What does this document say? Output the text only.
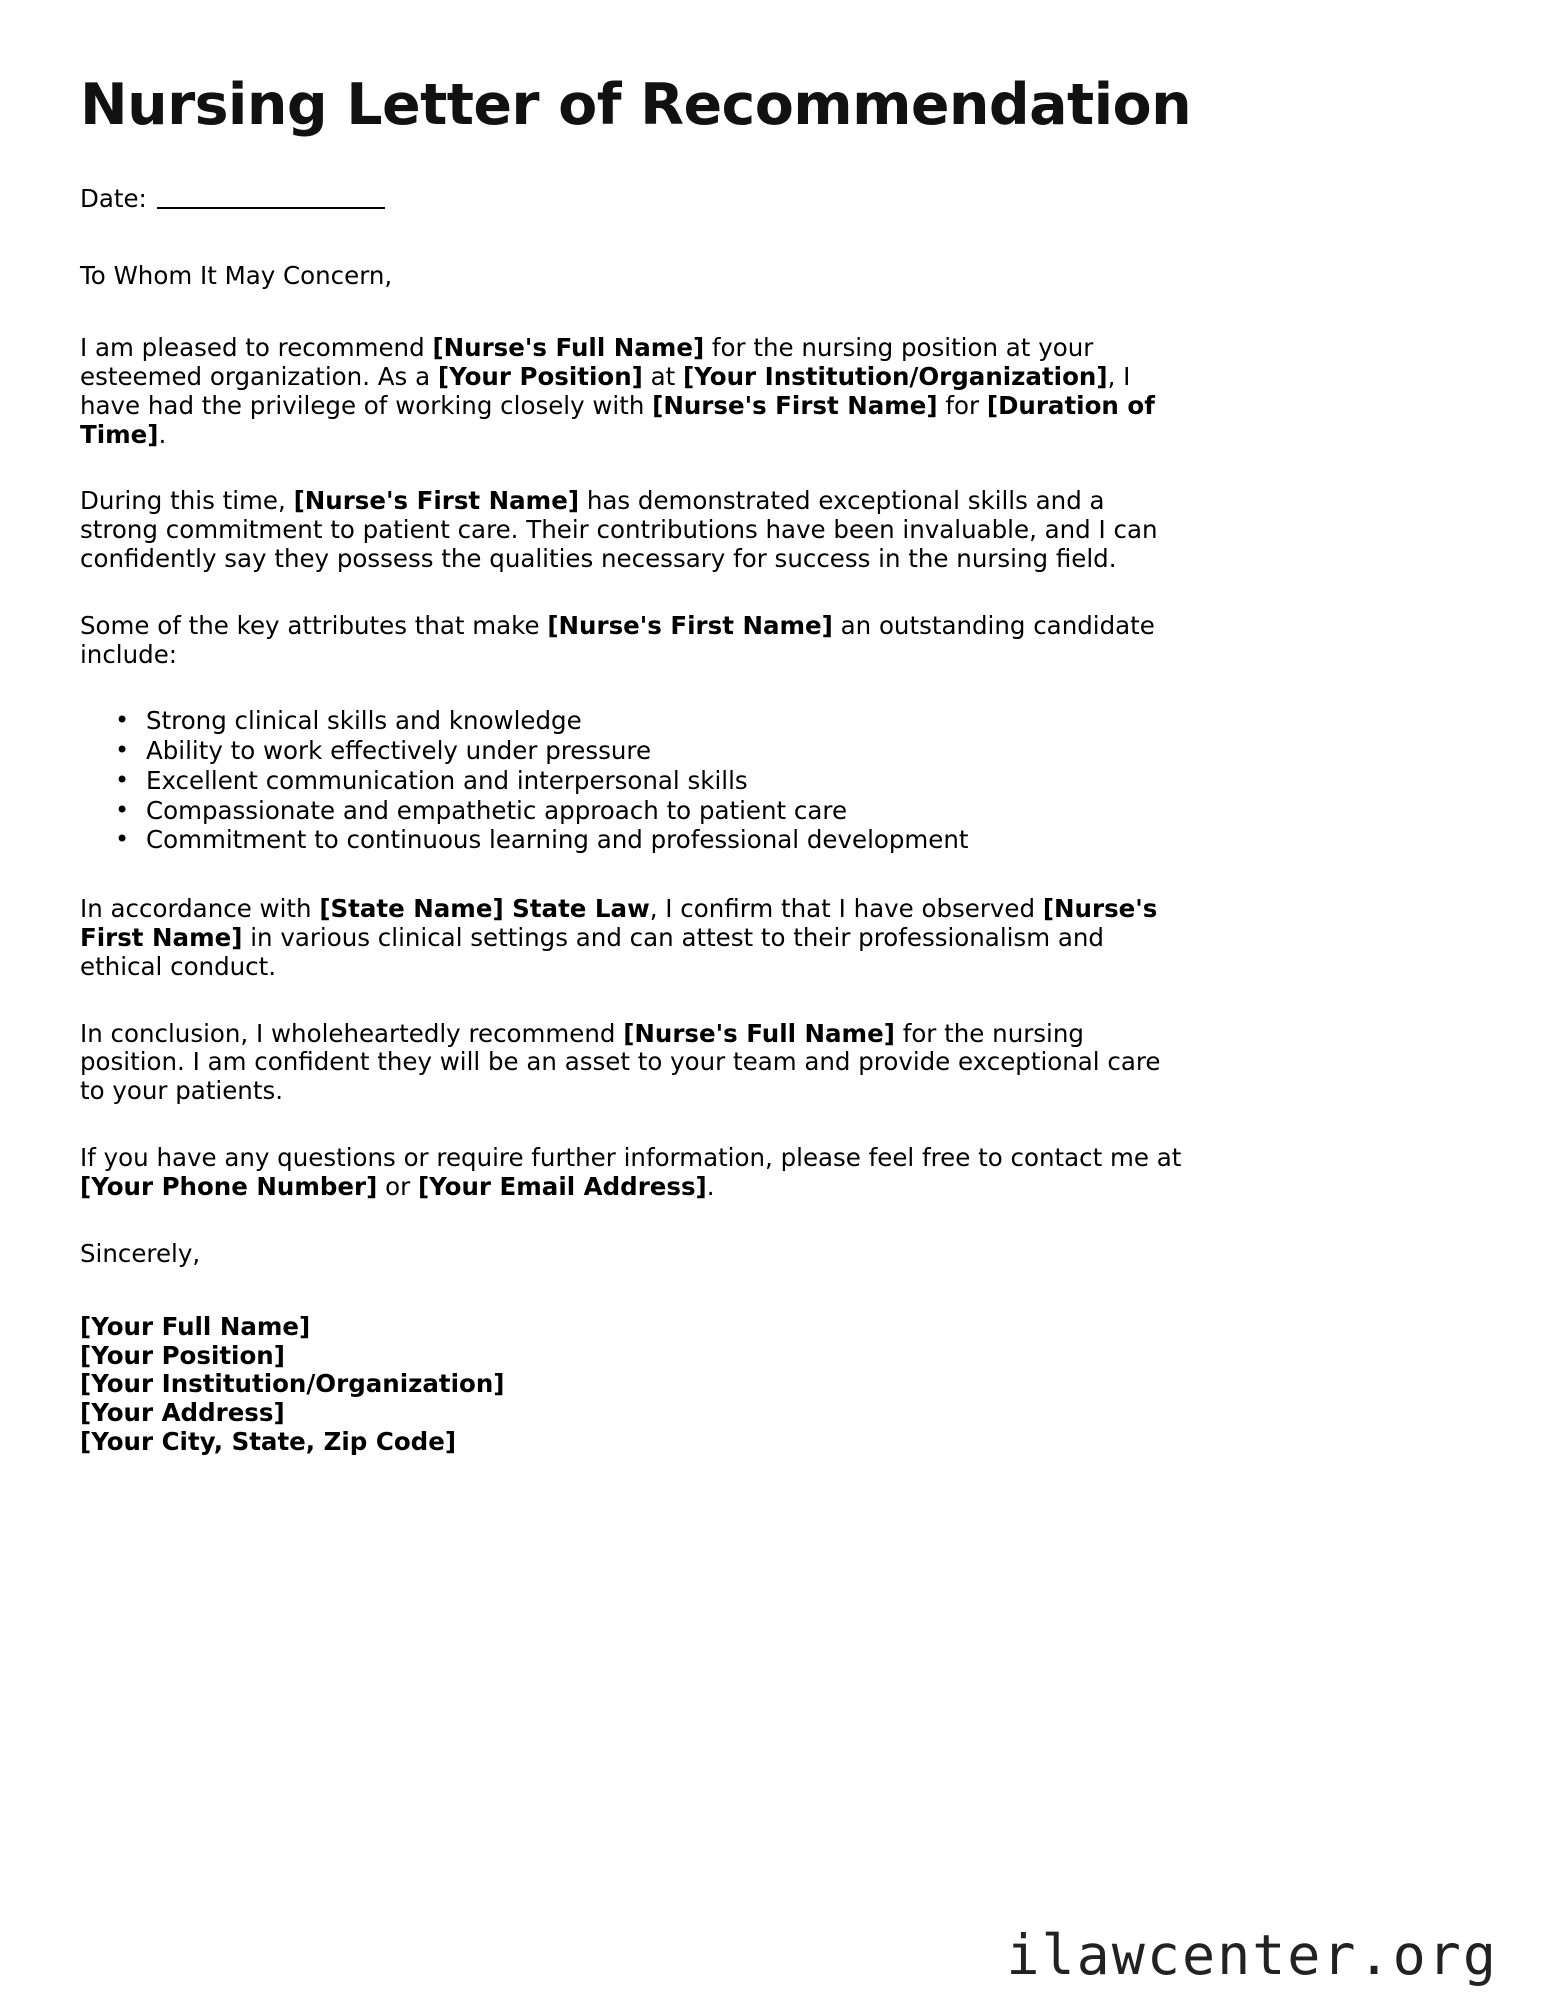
Nursing Letter of Recommendation
Date:

To Whom It May Concern,

I am pleased to recommend [Nurse's Full Name] for the nursing position at your esteemed organization. As a [Your Position] at [Your Institution/Organization], I have had the privilege of working closely with [Nurse's First Name] for [Duration of Time].

During this time, [Nurse's First Name] has demonstrated exceptional skills and a strong commitment to patient care. Their contributions have been invaluable, and I can confidently say they possess the qualities necessary for success in the nursing field.

Some of the key attributes that make [Nurse's First Name] an outstanding candidate include:

• Strong clinical skills and knowledge
• Ability to work effectively under pressure
• Excellent communication and interpersonal skills
• Compassionate and empathetic approach to patient care
• Commitment to continuous learning and professional development

In accordance with [State Name] State Law, I confirm that I have observed [Nurse's First Name] in various clinical settings and can attest to their professionalism and ethical conduct.

In conclusion, I wholeheartedly recommend [Nurse's Full Name] for the nursing position. I am confident they will be an asset to your team and provide exceptional care to your patients.

If you have any questions or require further information, please feel free to contact me at [Your Phone Number] or [Your Email Address].

Sincerely,

[Your Full Name]
[Your Position]
[Your Institution/Organization]
[Your Address]
[Your City, State, Zip Code]
ilawcenter.org
